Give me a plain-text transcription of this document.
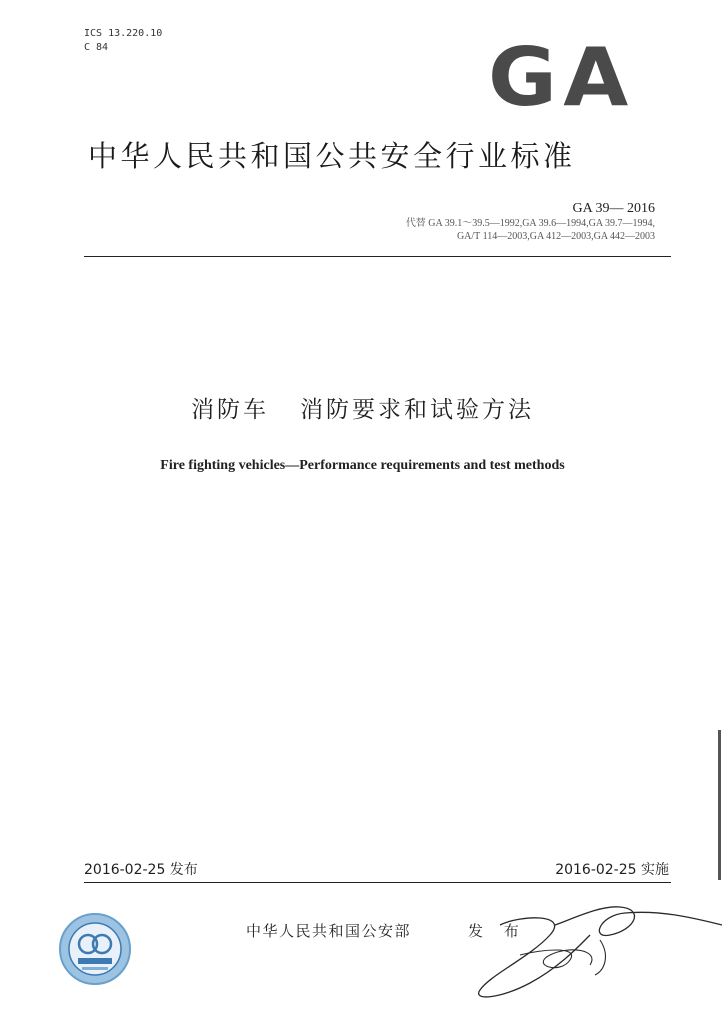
ICS 13.220.10
C 84	GA
中华人民共和国公共安全行业标准
GA 39— 2016
代替 GA 39.1～39.5—1992,GA 39.6—1994,GA 39.7—1994,
GA/T 114—2003,GA 412—2003,GA 442—2003
消防车   消防要求和试验方法
Fire fighting vehicles—Performance requirements and test methods
2016-02-25 发布	2016-02-25 实施
中华人民共和国公安部	发 布
